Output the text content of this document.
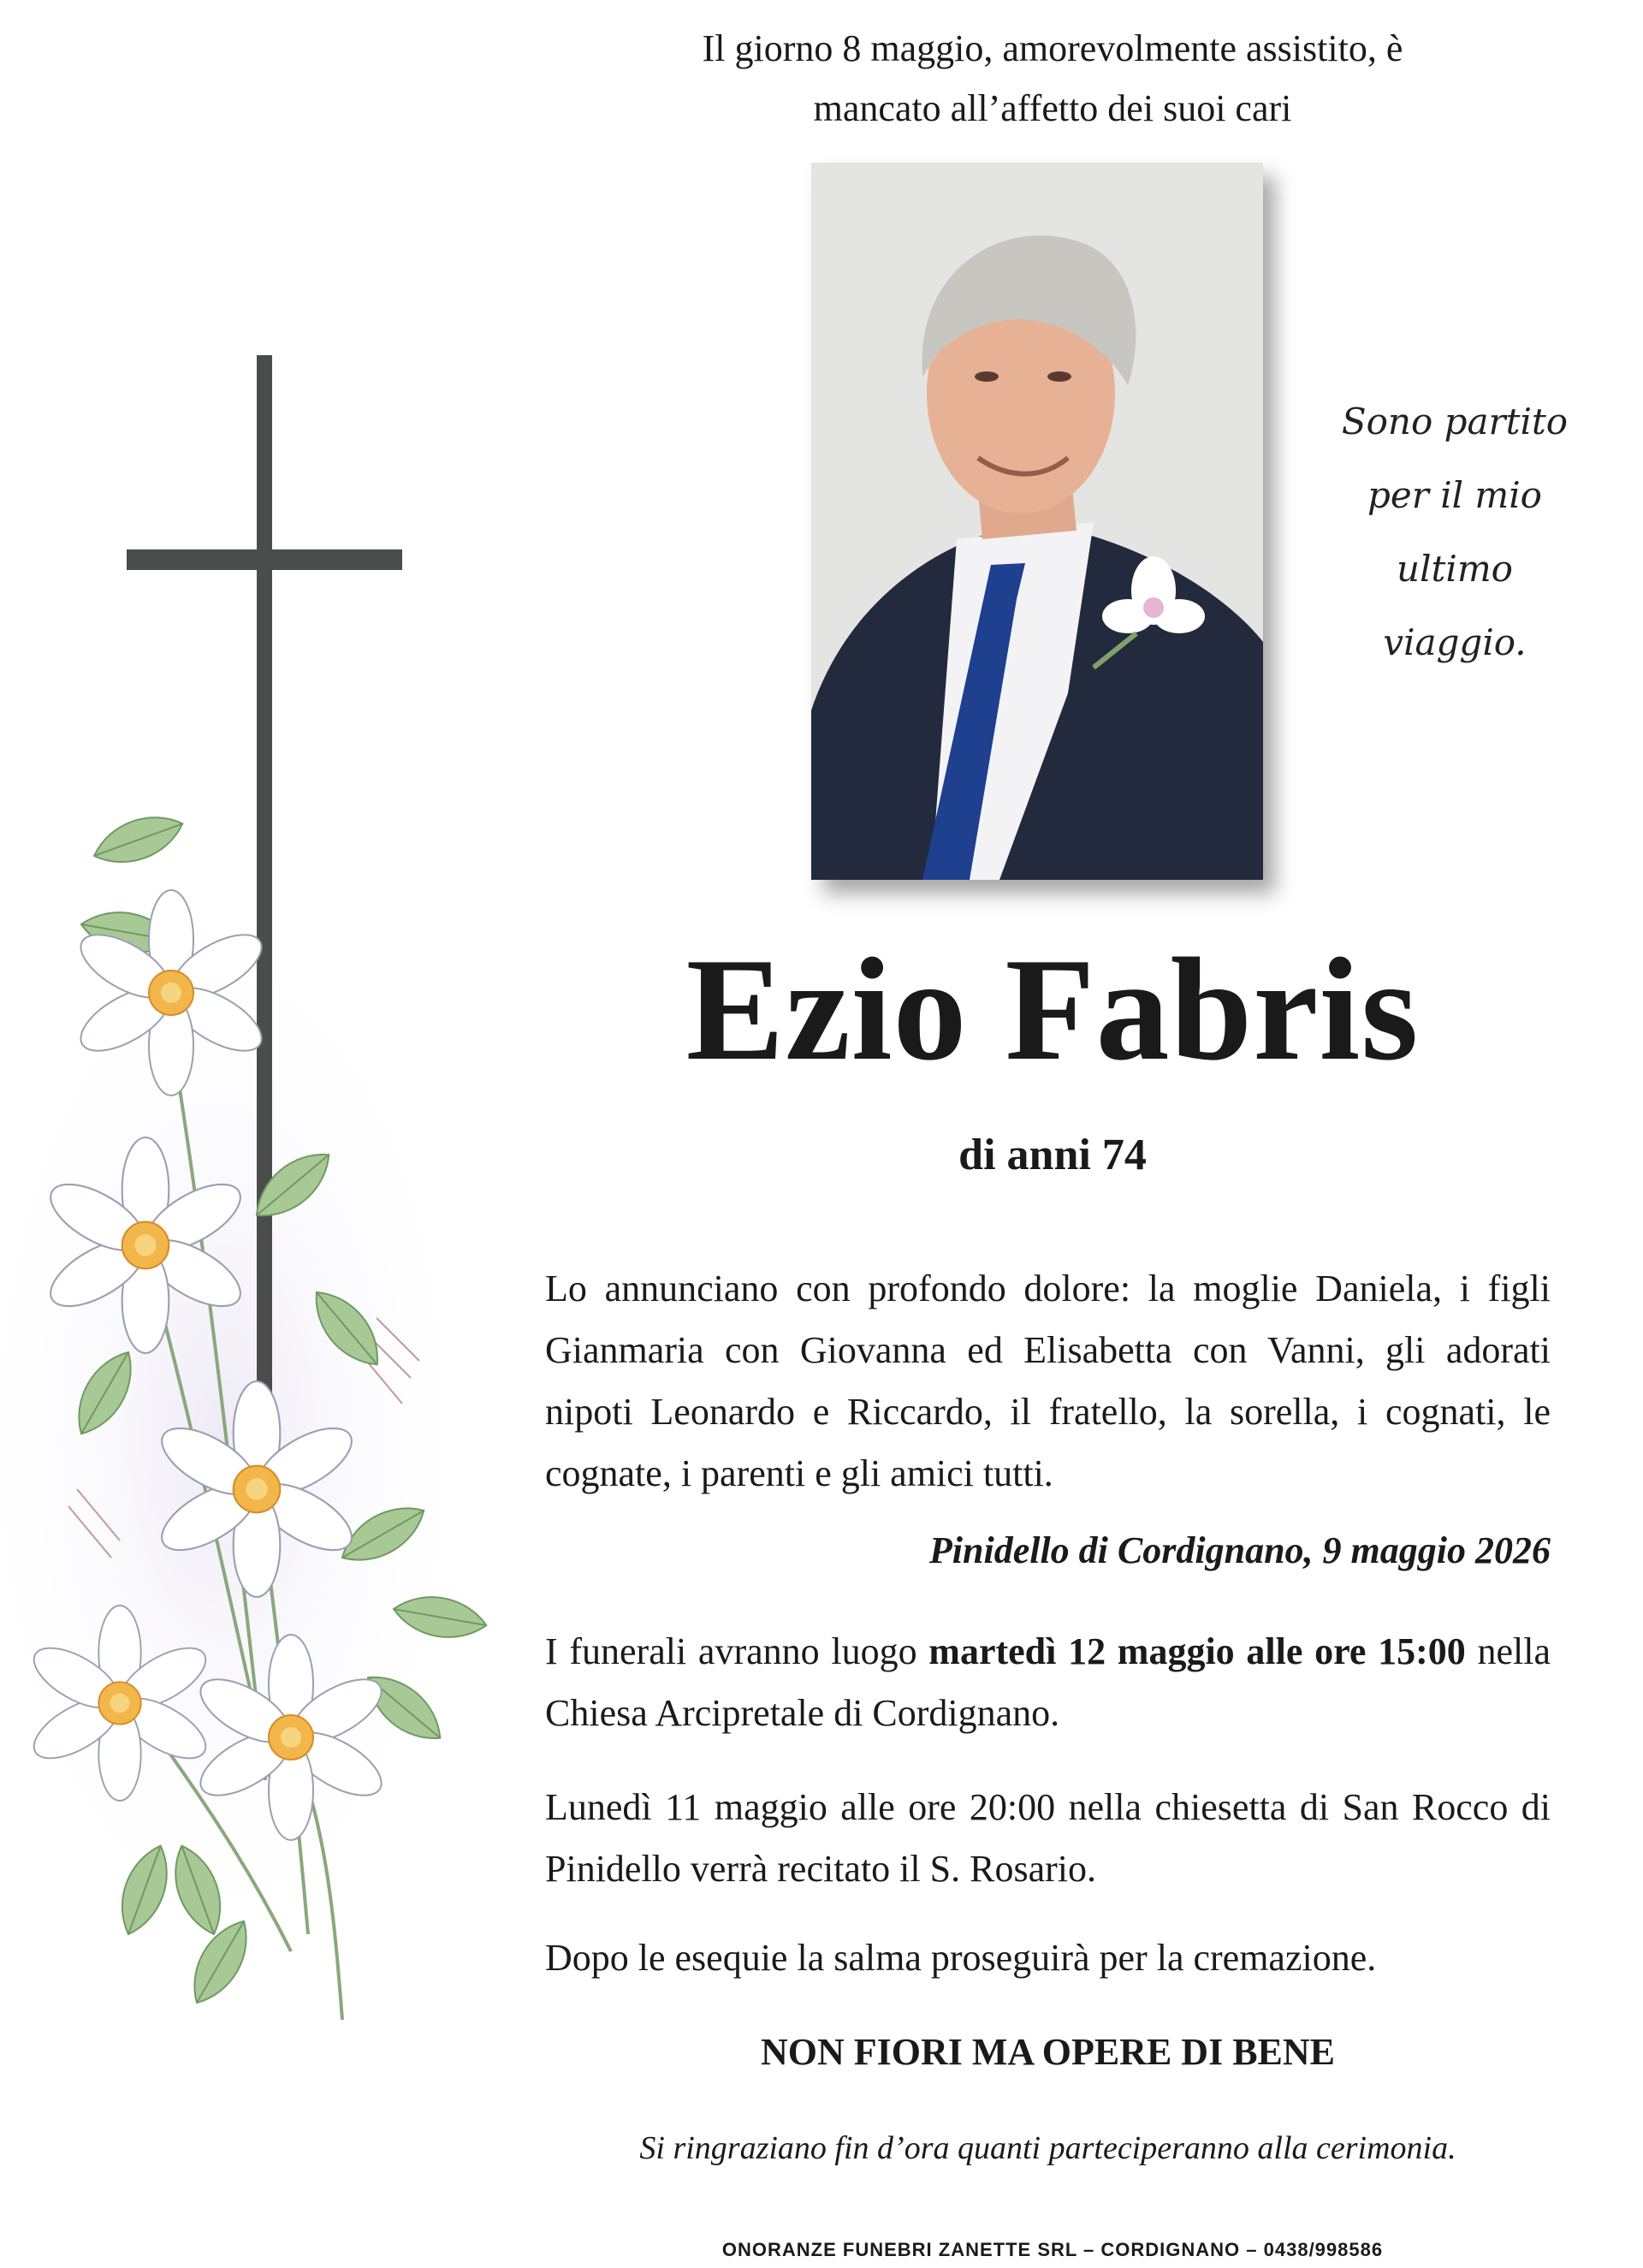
Il giorno 8 maggio, amorevolmente assistito, è
mancato all’affetto dei suoi cari
Sono partito
per il mio
ultimo
viaggio.
Ezio Fabris
di anni 74
Lo annunciano con profondo dolore: la moglie Daniela, i figli Gianmaria con Giovanna ed Elisabetta con Vanni, gli adorati nipoti Leonardo e Riccardo, il fratello, la sorella, i cognati, le cognate, i parenti e gli amici tutti.
Pinidello di Cordignano, 9 maggio 2026
I funerali avranno luogo martedì 12 maggio alle ore 15:00 nella Chiesa Arcipretale di Cordignano.
Lunedì 11 maggio alle ore 20:00 nella chiesetta di San Rocco di Pinidello verrà recitato il S. Rosario.
Dopo le esequie la salma proseguirà per la cremazione.
NON FIORI MA OPERE DI BENE
Si ringraziano fin d’ora quanti parteciperanno alla cerimonia.
ONORANZE FUNEBRI ZANETTE SRL – CORDIGNANO – 0438/998586
